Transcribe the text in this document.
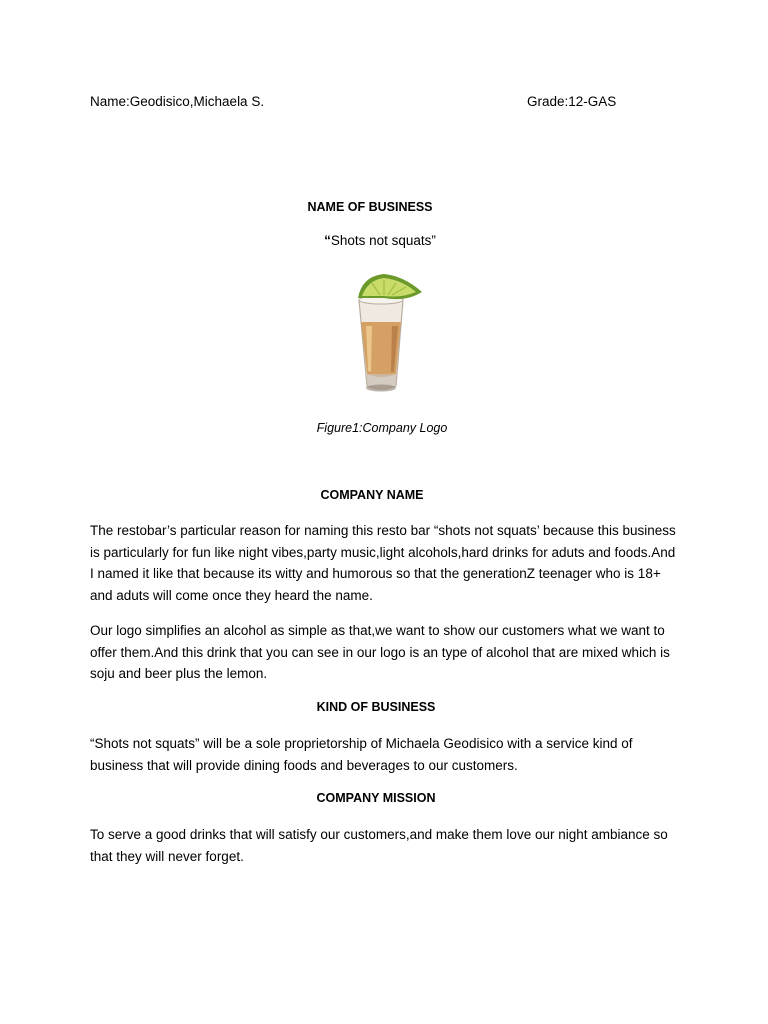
Name:Geodisico,Michaela S.	Grade:12-GAS
NAME OF BUSINESS
“Shots not squats”
Figure1:Company Logo
COMPANY NAME

The restobar’s particular reason for naming this resto bar “shots not squats’ because this business is particularly for fun like night vibes,party music,light alcohols,hard drinks for aduts and foods.And I named it like that because its witty and humorous so that the generationZ teenager who is 18+ and aduts will come once they heard the name.

Our logo simplifies an alcohol as simple as that,we want to show our customers what we want to offer them.And this drink that you can see in our logo is an type of alcohol that are mixed which is soju and beer plus the lemon.

KIND OF BUSINESS

“Shots not squats” will be a sole proprietorship of Michaela Geodisico with a service kind of business that will provide dining foods and beverages to our customers.

COMPANY MISSION

To serve a good drinks that will satisfy our customers,and make them love our night ambiance so that they will never forget.
